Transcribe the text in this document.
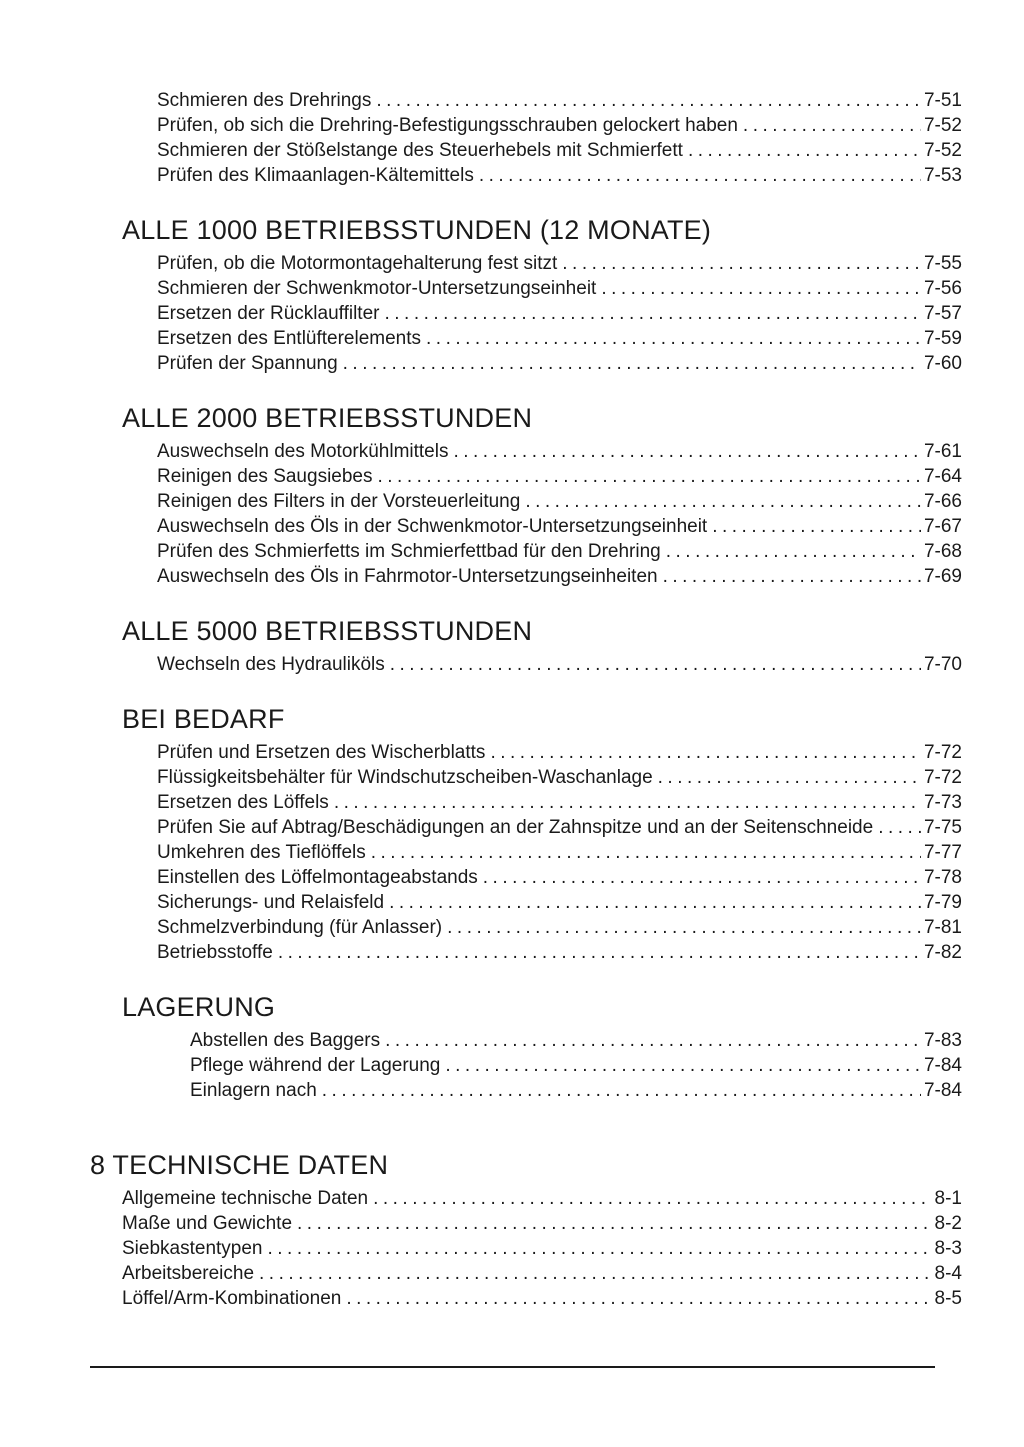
Schmieren des Drehrings .....	7-51
Prüfen, ob sich die Drehring-Befestigungsschrauben gelockert haben .....	7-52
Schmieren der Stößelstange des Steuerhebels mit Schmierfett .....	7-52
Prüfen des Klimaanlagen-Kältemittels .....	7-53
ALLE 1000 BETRIEBSSTUNDEN (12 MONATE)
Prüfen, ob die Motormontagehalterung fest sitzt .....	7-55
Schmieren der Schwenkmotor-Untersetzungseinheit .....	7-56
Ersetzen der Rücklauffilter .....	7-57
Ersetzen des Entlüfterelements .....	7-59
Prüfen der Spannung .....	7-60
ALLE 2000 BETRIEBSSTUNDEN
Auswechseln des Motorkühlmittels .....	7-61
Reinigen des Saugsiebes .....	7-64
Reinigen des Filters in der Vorsteuerleitung .....	7-66
Auswechseln des Öls in der Schwenkmotor-Untersetzungseinheit .....	7-67
Prüfen des Schmierfetts im Schmierfettbad für den Drehring .....	7-68
Auswechseln des Öls in Fahrmotor-Untersetzungseinheiten .....	7-69
ALLE 5000 BETRIEBSSTUNDEN
Wechseln des Hydrauliköls .....	7-70
BEI BEDARF
Prüfen und Ersetzen des Wischerblatts .....	7-72
Flüssigkeitsbehälter für Windschutzscheiben-Waschanlage .....	7-72
Ersetzen des Löffels .....	7-73
Prüfen Sie auf Abtrag/Beschädigungen an der Zahnspitze und an der Seitenschneide .....	7-75
Umkehren des Tieflöffels .....	7-77
Einstellen des Löffelmontageabstands .....	7-78
Sicherungs- und Relaisfeld .....	7-79
Schmelzverbindung (für Anlasser) .....	7-81
Betriebsstoffe .....	7-82
LAGERUNG
Abstellen des Baggers .....	7-83
Pflege während der Lagerung .....	7-84
Einlagern nach .....	7-84
8 TECHNISCHE DATEN
Allgemeine technische Daten .....	8-1
Maße und Gewichte .....	8-2
Siebkastentypen .....	8-3
Arbeitsbereiche .....	8-4
Löffel/Arm-Kombinationen .....	8-5
